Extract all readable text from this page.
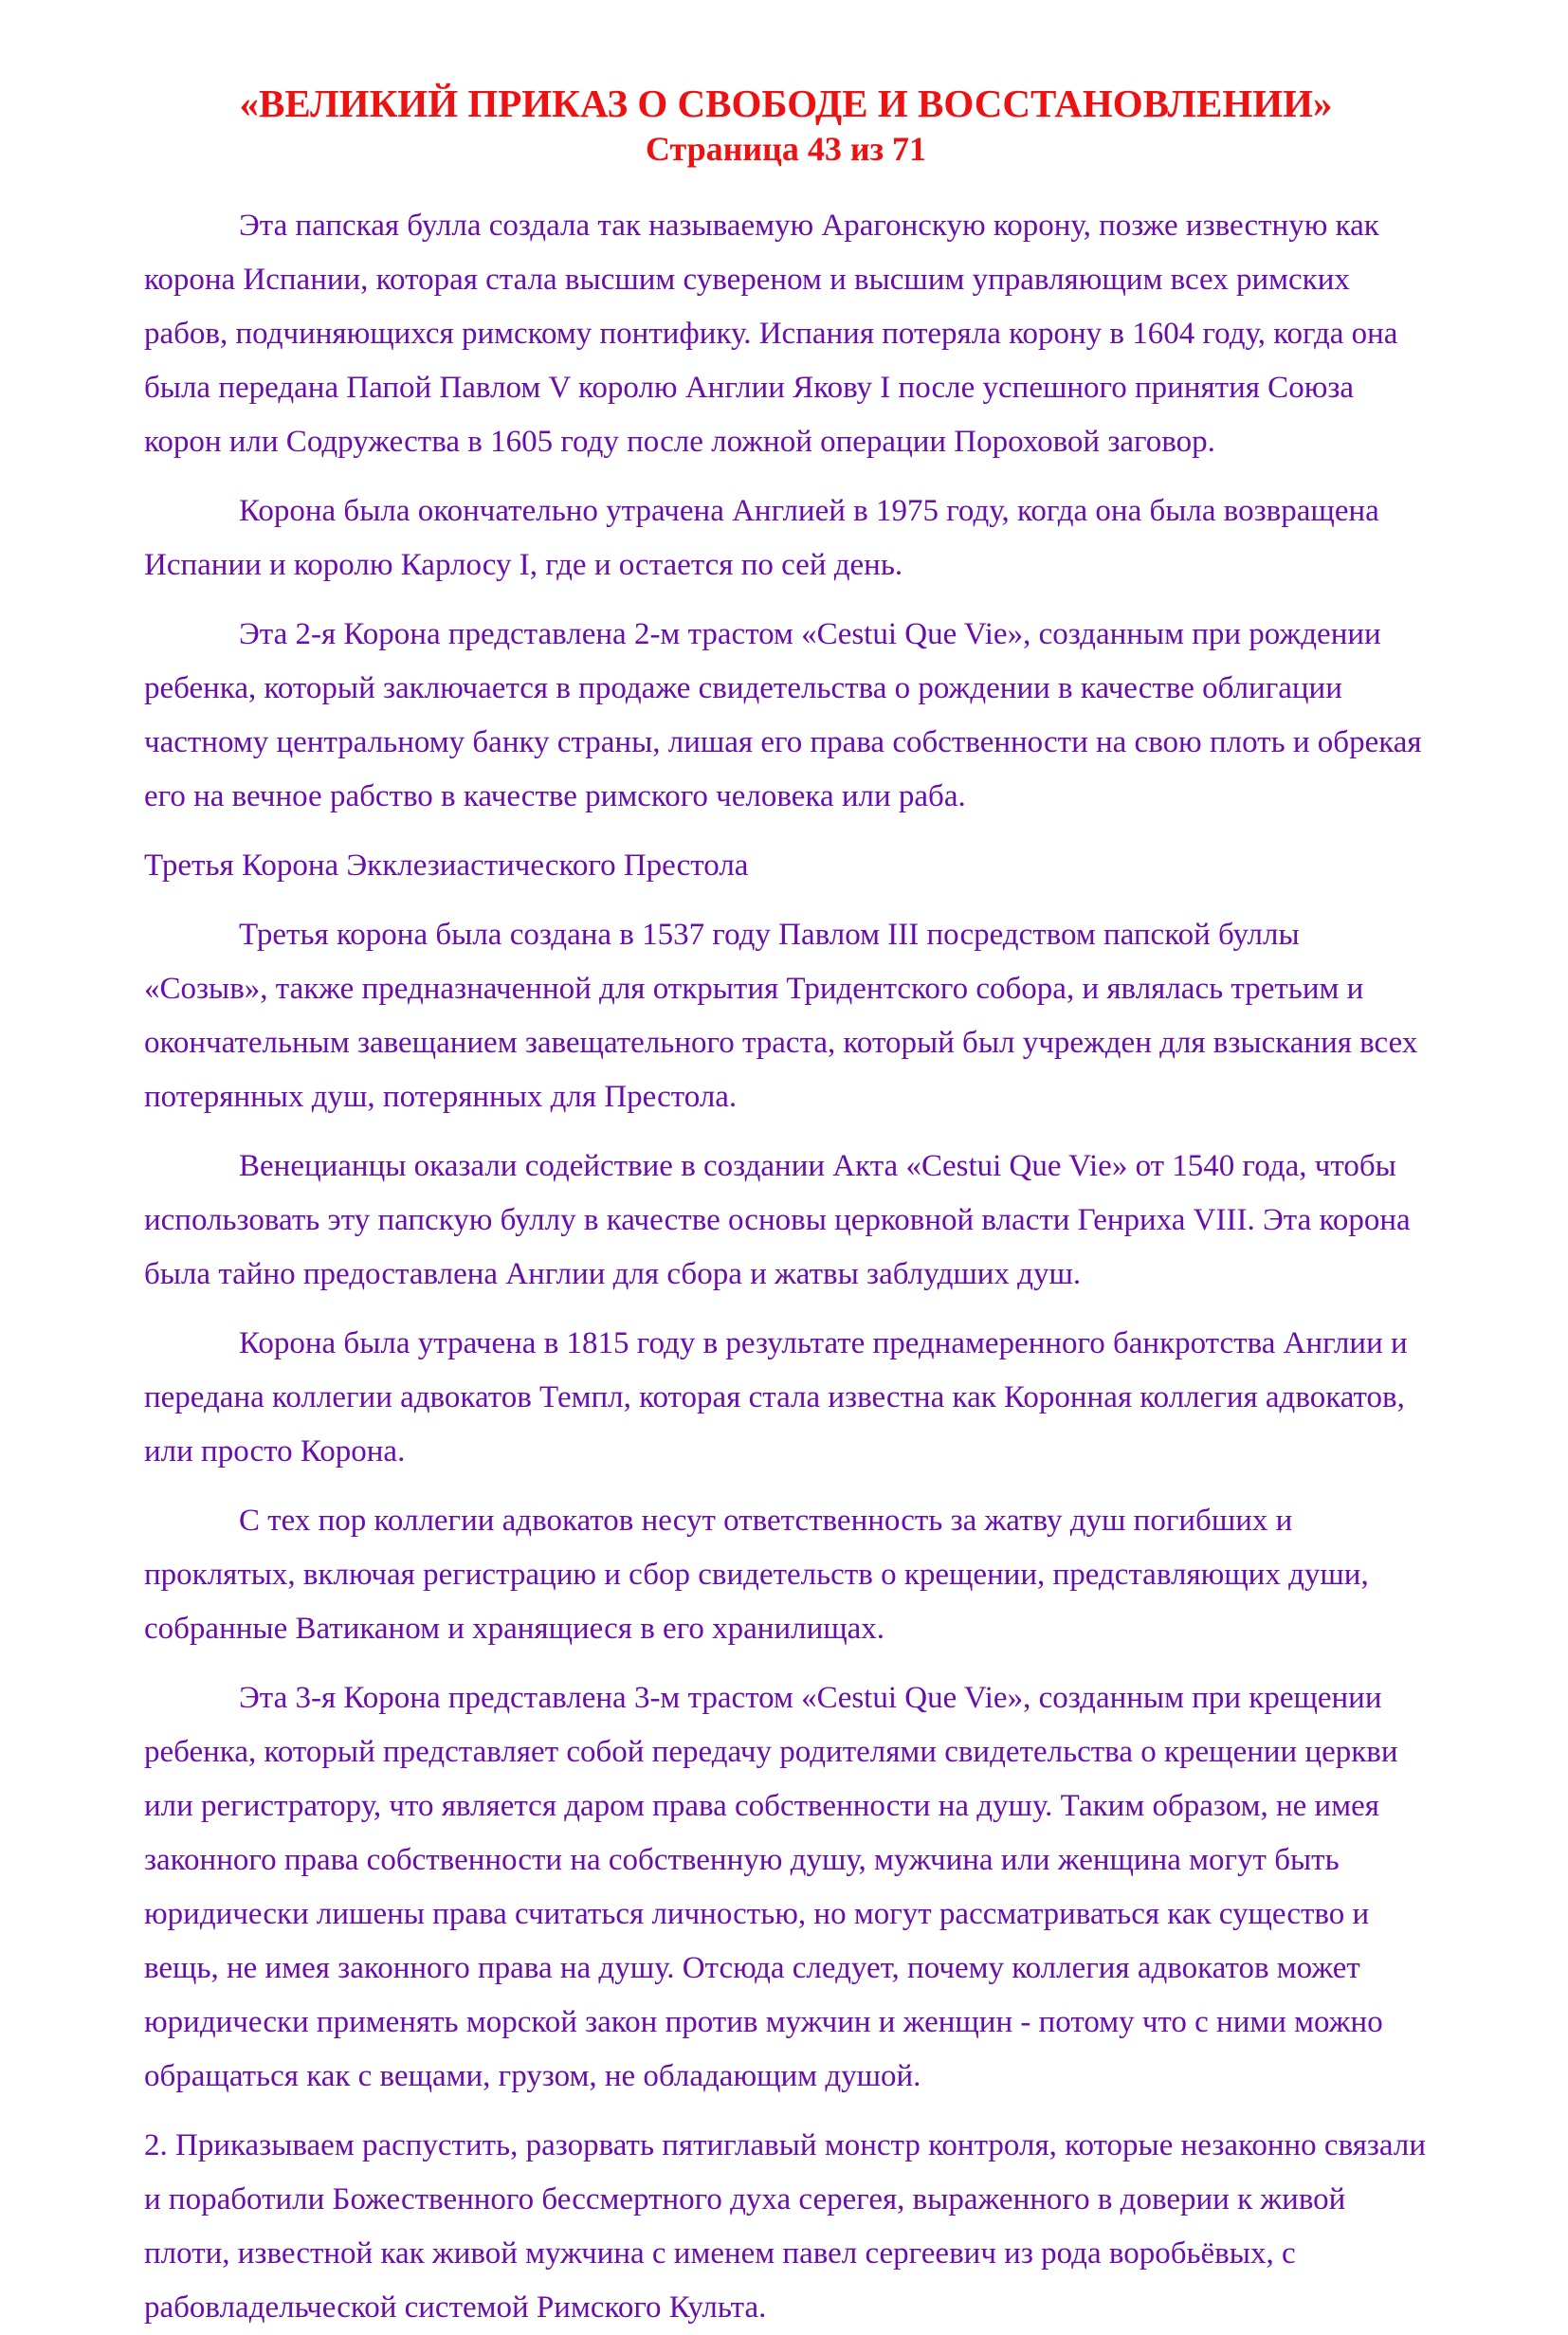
«ВЕЛИКИЙ ПРИКАЗ О СВОБОДЕ И ВОССТАНОВЛЕНИИ»
Страница 43 из 71

Эта папская булла создала так называемую Арагонскую корону, позже известную как корона Испании, которая стала высшим сувереном и высшим управляющим всех римских рабов, подчиняющихся римскому понтифику. Испания потеряла корону в 1604 году, когда она была передана Папой Павлом V королю Англии Якову I после успешного принятия Союза корон или Содружества в 1605 году после ложной операции Пороховой заговор.

Корона была окончательно утрачена Англией в 1975 году, когда она была возвращена Испании и королю Карлосу I, где и остается по сей день.

Эта 2-я Корона представлена 2-м трастом «Cestui Que Vie», созданным при рождении ребенка, который заключается в продаже свидетельства о рождении в качестве облигации частному центральному банку страны, лишая его права собственности на свою плоть и обрекая его на вечное рабство в качестве римского человека или раба.

Третья Корона Экклезиастического Престола

Третья корона была создана в 1537 году Павлом III посредством папской буллы «Созыв», также предназначенной для открытия Тридентского собора, и являлась третьим и окончательным завещанием завещательного траста, который был учрежден для взыскания всех потерянных душ, потерянных для Престола.

Венецианцы оказали содействие в создании Акта «Cestui Que Vie» от 1540 года, чтобы использовать эту папскую буллу в качестве основы церковной власти Генриха VIII. Эта корона была тайно предоставлена Англии для сбора и жатвы заблудших душ.

Корона была утрачена в 1815 году в результате преднамеренного банкротства Англии и передана коллегии адвокатов Темпл, которая стала известна как Коронная коллегия адвокатов, или просто Корона.

С тех пор коллегии адвокатов несут ответственность за жатву душ погибших и проклятых, включая регистрацию и сбор свидетельств о крещении, представляющих души, собранные Ватиканом и хранящиеся в его хранилищах.

Эта 3-я Корона представлена 3-м трастом «Cestui Que Vie», созданным при крещении ребенка, который представляет собой передачу родителями свидетельства о крещении церкви или регистратору, что является даром права собственности на душу. Таким образом, не имея законного права собственности на собственную душу, мужчина или женщина могут быть юридически лишены права считаться личностью, но могут рассматриваться как существо и вещь, не имея законного права на душу. Отсюда следует, почему коллегия адвокатов может юридически применять морской закон против мужчин и женщин - потому что с ними можно обращаться как с вещами, грузом, не обладающим душой.

2. Приказываем распустить, разорвать пятиглавый монстр контроля, которые незаконно связали и поработили Божественного бессмертного духа серегея, выраженного в доверии к живой плоти, известной как живой мужчина с именем павел сергеевич из рода воробьёвых, с рабовладельческой системой Римского Культа.
